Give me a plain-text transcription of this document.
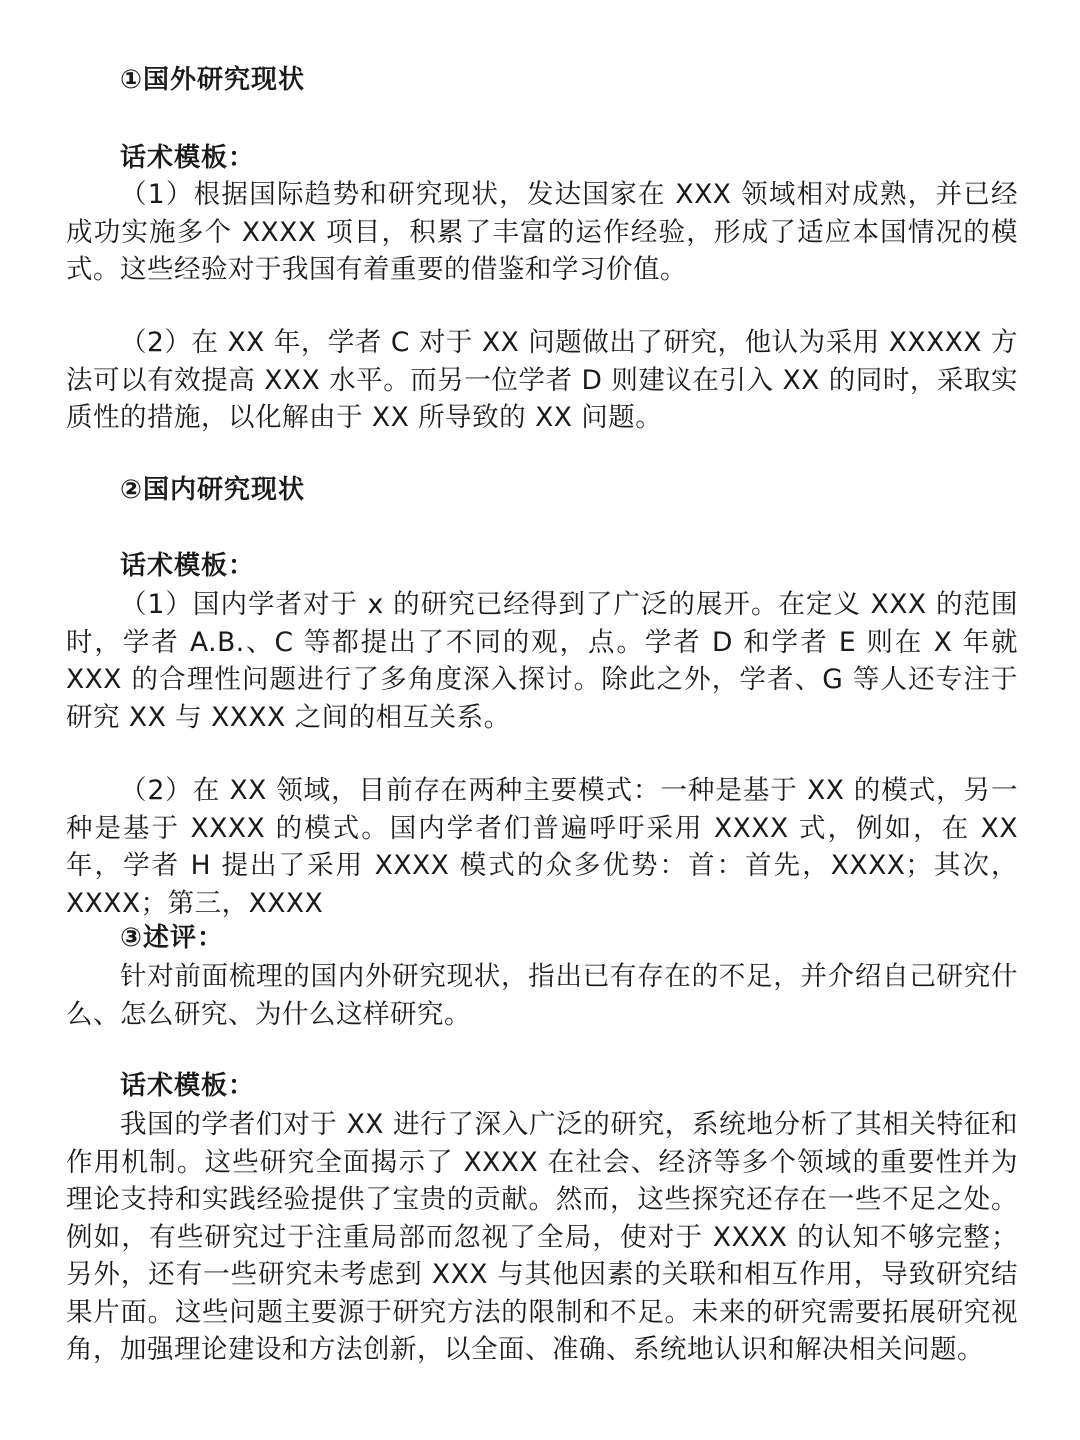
①国外研究现状
话术模板：
（1）根据国际趋势和研究现状，发达国家在 XXX 领域相对成熟，并已经成功实施多个 XXXX 项目，积累了丰富的运作经验，形成了适应本国情况的模式。这些经验对于我国有着重要的借鉴和学习价值。
（2）在 XX 年，学者 C 对于 XX 问题做出了研究，他认为采用 XXXXX 方法可以有效提高 XXX 水平。而另一位学者 D 则建议在引入 XX 的同时，采取实质性的措施，以化解由于 XX 所导致的 XX 问题。
②国内研究现状
话术模板：
（1）国内学者对于 x 的研究已经得到了广泛的展开。在定义 XXX 的范围时，学者 A.B.、C 等都提出了不同的观，点。学者 D 和学者 E 则在 X 年就 XXX 的合理性问题进行了多角度深入探讨。除此之外，学者、G 等人还专注于研究 XX 与 XXXX 之间的相互关系。
（2）在 XX 领域，目前存在两种主要模式：一种是基于 XX 的模式，另一种是基于 XXXX 的模式。国内学者们普遍呼吁采用 XXXX 式，例如，在 XX 年，学者 H 提出了采用 XXXX 模式的众多优势：首：首先，XXXX；其次，XXXX；第三，XXXX
③述评：
针对前面梳理的国内外研究现状，指出已有存在的不足，并介绍自己研究什么、怎么研究、为什么这样研究。
话术模板：
我国的学者们对于 XX 进行了深入广泛的研究，系统地分析了其相关特征和作用机制。这些研究全面揭示了 XXXX 在社会、经济等多个领域的重要性并为理论支持和实践经验提供了宝贵的贡献。然而，这些探究还存在一些不足之处。例如，有些研究过于注重局部而忽视了全局，使对于 XXXX 的认知不够完整；另外，还有一些研究未考虑到 XXX 与其他因素的关联和相互作用，导致研究结果片面。这些问题主要源于研究方法的限制和不足。未来的研究需要拓展研究视角，加强理论建设和方法创新，以全面、准确、系统地认识和解决相关问题。
